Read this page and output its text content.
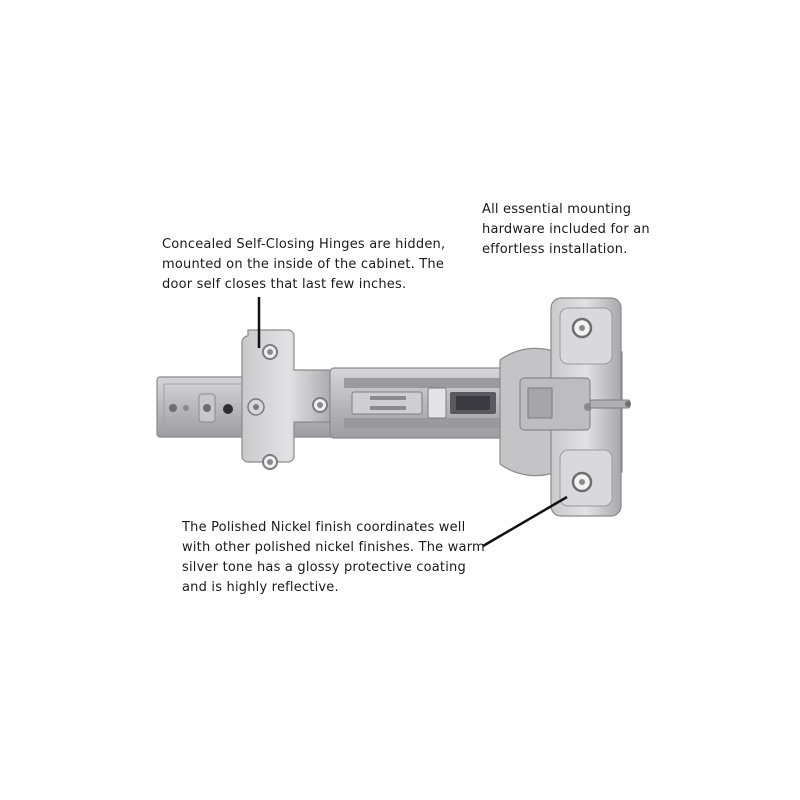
Concealed Self-Closing Hinges are hidden,
mounted on the inside of the cabinet. The
door self closes that last few inches.
All essential mounting
hardware included for an
effortless installation.
The Polished Nickel finish coordinates well
with other polished nickel finishes. The warm
silver tone has a glossy protective coating
and is highly reflective.
